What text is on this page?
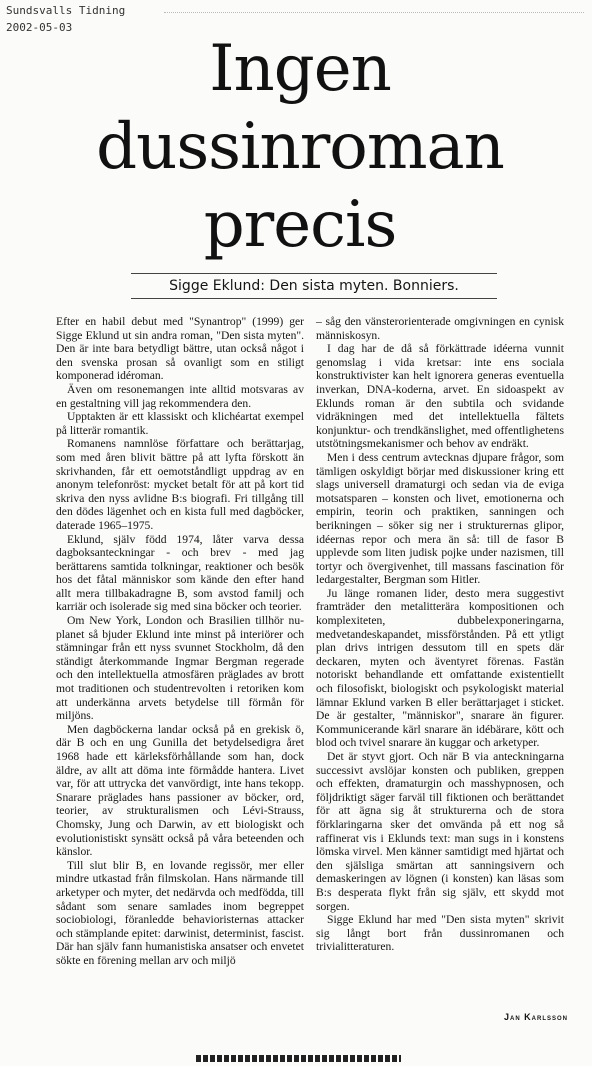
Sundsvalls Tidning
2002-05-03
Ingen
dussinroman
precis
Sigge Eklund: Den sista myten. Bonniers.

Efter en habil debut med "Synantrop" (1999) ger Sigge Eklund ut sin andra roman, "Den sista myten". Den är inte bara betydligt bättre, utan också något i den svenska prosan så ovanligt som en stiligt komponerad idéroman.

Även om resonemangen inte alltid motsvaras av en gestaltning vill jag rekommendera den.

Upptakten är ett klassiskt och klichéartat exempel på litterär romantik.

Romanens namnlöse författare och berättarjag, som med åren blivit bättre på att lyfta förskott än skrivhanden, får ett oemotståndligt uppdrag av en anonym telefonröst: mycket betalt för att på kort tid skriva den nyss avlidne B:s biografi. Fri tillgång till den dödes lägenhet och en kista full med dagböcker, daterade 1965–1975.

Eklund, själv född 1974, låter varva dessa dagboksanteckningar - och brev - med jag berättarens samtida tolkningar, reaktioner och besök hos det fåtal människor som kände den efter hand allt mera tillbakadragne B, som avstod familj och karriär och isolerade sig med sina böcker och teorier.

Om New York, London och Brasilien tillhör nu-planet så bjuder Eklund inte minst på interiörer och stämningar från ett nyss svunnet Stockholm, då den ständigt återkommande Ingmar Bergman regerade och den intellektuella atmosfären präglades av brott mot traditionen och studentrevolten i retoriken kom att underkänna arvets betydelse till förmån för miljöns.

Men dagböckerna landar också på en grekisk ö, där B och en ung Gunilla det betydelsedigra året 1968 hade ett kärleksförhållande som han, dock äldre, av allt att döma inte förmådde hantera. Livet var, för att uttrycka det vanvördigt, inte hans tekopp. Snarare präglades hans passioner av böcker, ord, teorier, av strukturalismen och Lévi-Strauss, Chomsky, Jung och Darwin, av ett biologiskt och evolutionistiskt synsätt också på våra beteenden och känslor.

Till slut blir B, en lovande regissör, mer eller mindre utkastad från filmskolan. Hans närmande till arketyper och myter, det nedärvda och medfödda, till sådant som senare samlades inom begreppet sociobiologi, föranledde behavioristernas attacker och stämplande epitet: darwinist, determinist, fascist. Där han själv fann humanistiska ansatser och envetet sökte en förening mellan arv och miljö

– såg den vänsterorienterade omgivningen en cynisk människosyn.

I dag har de då så förkättrade idéerna vunnit genomslag i vida kretsar: inte ens sociala konstruktivister kan helt ignorera generas eventuella inverkan, DNA-koderna, arvet. En sidoaspekt av Eklunds roman är den subtila och svidande vidräkningen med det intellektuella fältets konjunktur- och trendkänslighet, med offentlighetens utstötningsmekanismer och behov av endräkt.

Men i dess centrum avtecknas djupare frågor, som tämligen oskyldigt börjar med diskussioner kring ett slags universell dramaturgi och sedan via de eviga motsatsparen – konsten och livet, emotionerna och empirin, teorin och praktiken, sanningen och berikningen – söker sig ner i strukturernas glipor, idéernas repor och mera än så: till de fasor B upplevde som liten judisk pojke under nazismen, till tortyr och övergivenhet, till massans fascination för ledargestalter, Bergman som Hitler.

Ju länge romanen lider, desto mera suggestivt framträder den metalitterära kompositionen och komplexiteten, dubbelexponeringarna, medvetandeskapandet, missförstånden. På ett ytligt plan drivs intrigen dessutom till en spets där deckaren, myten och äventyret förenas. Fastän notoriskt behandlande ett omfattande existentiellt och filosofiskt, biologiskt och psykologiskt material lämnar Eklund varken B eller berättarjaget i sticket. De är gestalter, "människor", snarare än figurer. Kommunicerande kärl snarare än idébärare, kött och blod och tvivel snarare än kuggar och arketyper.

Det är styvt gjort. Och när B via anteckningarna successivt avslöjar konsten och publiken, greppen och effekten, dramaturgin och masshypnosen, och följdriktigt säger farväl till fiktionen och berättandet för att ägna sig åt strukturerna och de stora förklaringarna sker det omvända på ett nog så raffinerat vis i Eklunds text: man sugs in i konstens lömska virvel. Men känner samtidigt med hjärtat och den själsliga smärtan att sanningsivern och demaskeringen av lögnen (i konsten) kan läsas som B:s desperata flykt från sig själv, ett skydd mot sorgen.

Sigge Eklund har med "Den sista myten" skrivit sig långt bort från dussinromanen och trivialitteraturen.

Jan Karlsson
